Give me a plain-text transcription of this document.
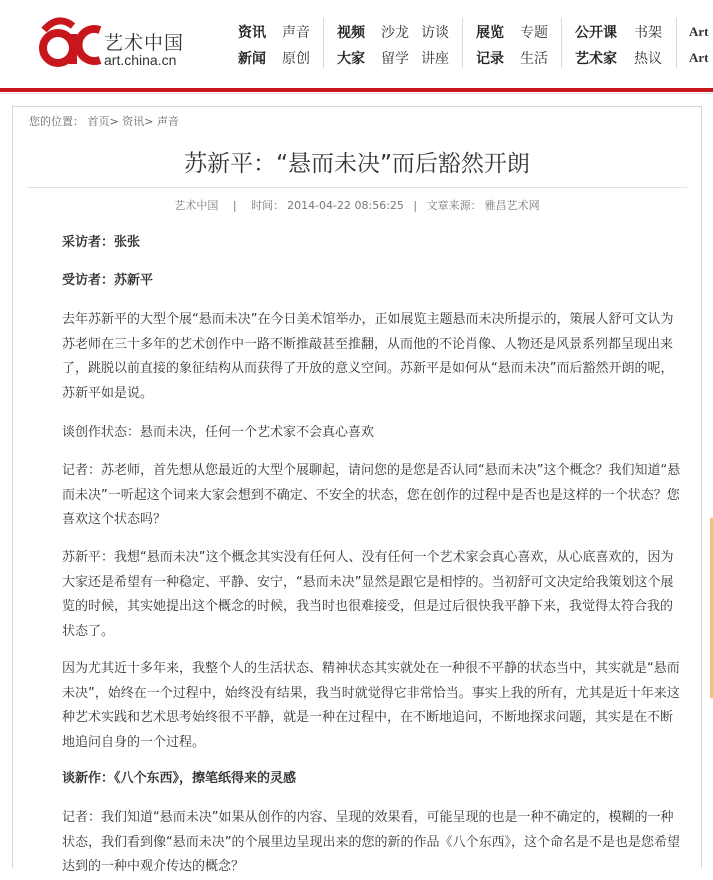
艺术中国
art.china.cn
资讯 声音
新闻 原创
视频 沙龙 访谈
大家 留学 讲座
展览 专题
记录 生活
公开课 书架
艺术家 热议
Art
Art
您的位置： 首页> 资讯> 声音
苏新平：“悬而未决”而后豁然开朗
艺术中国 | 时间： 2014-04-22 08:56:25 | 文章来源： 雅昌艺术网
采访者：张张
受访者：苏新平
去年苏新平的大型个展“悬而未决”在今日美术馆举办，正如展览主题悬而未决所提示的，策展人舒可文认为苏老师在三十多年的艺术创作中一路不断推敲甚至推翻，从而他的不论肖像、人物还是风景系列都呈现出来了，跳脱以前直接的象征结构从而获得了开放的意义空间。苏新平是如何从“悬而未决”而后豁然开朗的呢， 苏新平如是说。
谈创作状态：悬而未决，任何一个艺术家不会真心喜欢
记者：苏老师，首先想从您最近的大型个展聊起，请问您的是您是否认同“悬而未决”这个概念？我们知道“悬而未决”一听起这个词来大家会想到不确定、不安全的状态，您在创作的过程中是否也是这样的一个状态？您喜欢这个状态吗？
苏新平：我想“悬而未决”这个概念其实没有任何人、没有任何一个艺术家会真心喜欢，从心底喜欢的，因为大家还是希望有一种稳定、平静、安宁，“悬而未决”显然是跟它是相悖的。当初舒可文决定给我策划这个展览的时候，其实她提出这个概念的时候，我当时也很难接受，但是过后很快我平静下来，我觉得太符合我的状态了。
因为尤其近十多年来，我整个人的生活状态、精神状态其实就处在一种很不平静的状态当中，其实就是“悬而未决”，始终在一个过程中，始终没有结果，我当时就觉得它非常恰当。事实上我的所有，尤其是近十年来这种艺术实践和艺术思考始终很不平静，就是一种在过程中，在不断地追问，不断地探求问题，其实是在不断地追问自身的一个过程。
谈新作：《八个东西》，擦笔纸得来的灵感
记者：我们知道“悬而未决”如果从创作的内容、呈现的效果看，可能呈现的也是一种不确定的，模糊的一种状态，我们看到像“悬而未决”的个展里边呈现出来的您的新的作品《八个东西》，这个命名是不是也是您希望达到的一种中观介传达的概念？
